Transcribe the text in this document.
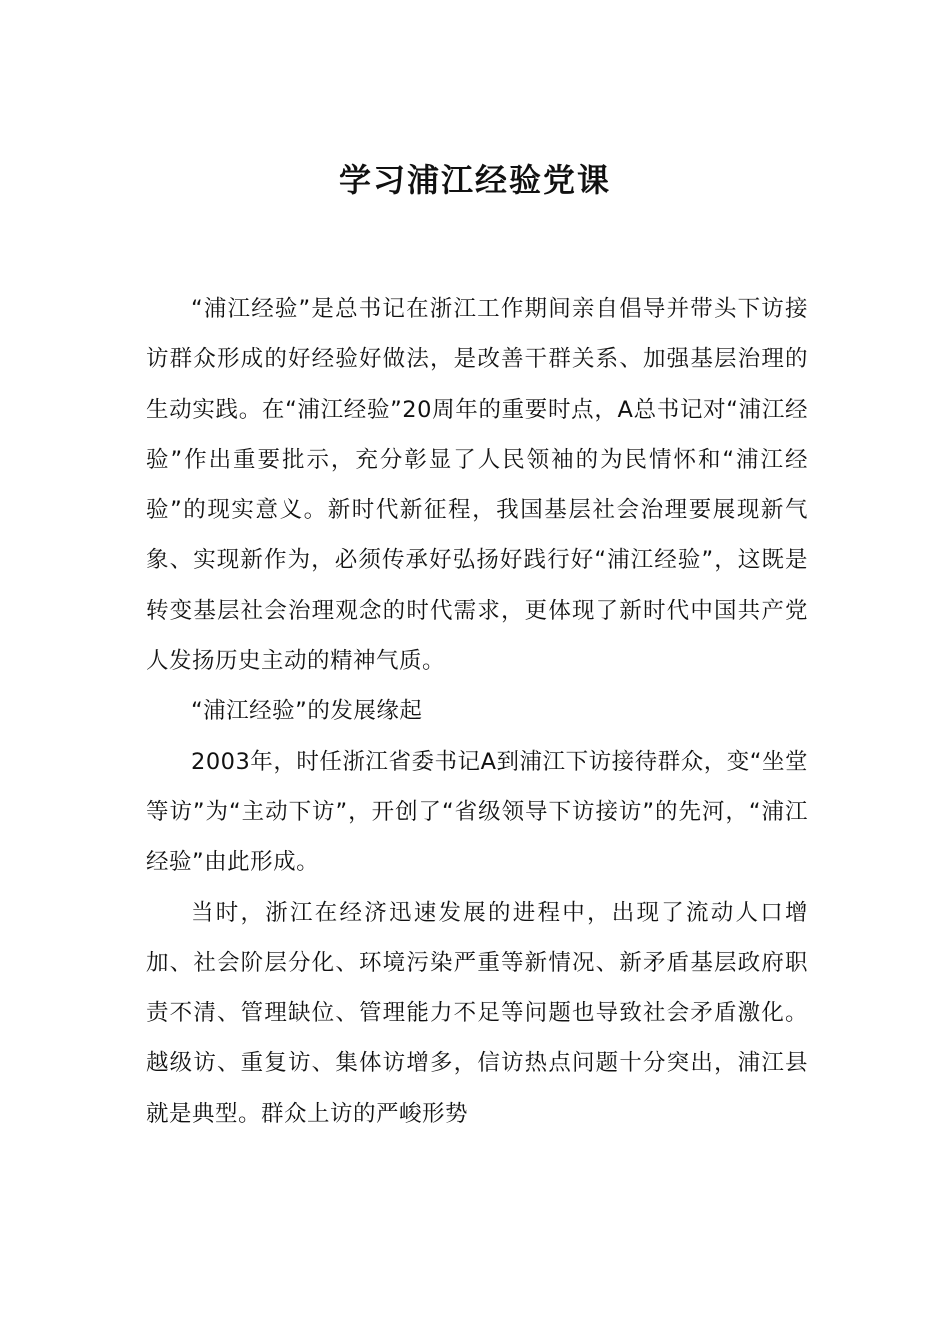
学习浦江经验党课

“浦江经验”是总书记在浙江工作期间亲自倡导并带头下访接访群众形成的好经验好做法，是改善干群关系、加强基层治理的生动实践。在“浦江经验”20周年的重要时点，A总书记对“浦江经验”作出重要批示，充分彰显了人民领袖的为民情怀和“浦江经验”的现实意义。新时代新征程，我国基层社会治理要展现新气象、实现新作为，必须传承好弘扬好践行好“浦江经验”，这既是转变基层社会治理观念的时代需求，更体现了新时代中国共产党人发扬历史主动的精神气质。

“浦江经验”的发展缘起

2003年，时任浙江省委书记A到浦江下访接待群众，变“坐堂等访”为“主动下访”，开创了“省级领导下访接访”的先河，“浦江经验”由此形成。

当时，浙江在经济迅速发展的进程中，出现了流动人口增加、社会阶层分化、环境污染严重等新情况、新矛盾基层政府职责不清、管理缺位、管理能力不足等问题也导致社会矛盾激化。越级访、重复访、集体访增多，信访热点问题十分突出，浦江县就是典型。群众上访的严峻形势
